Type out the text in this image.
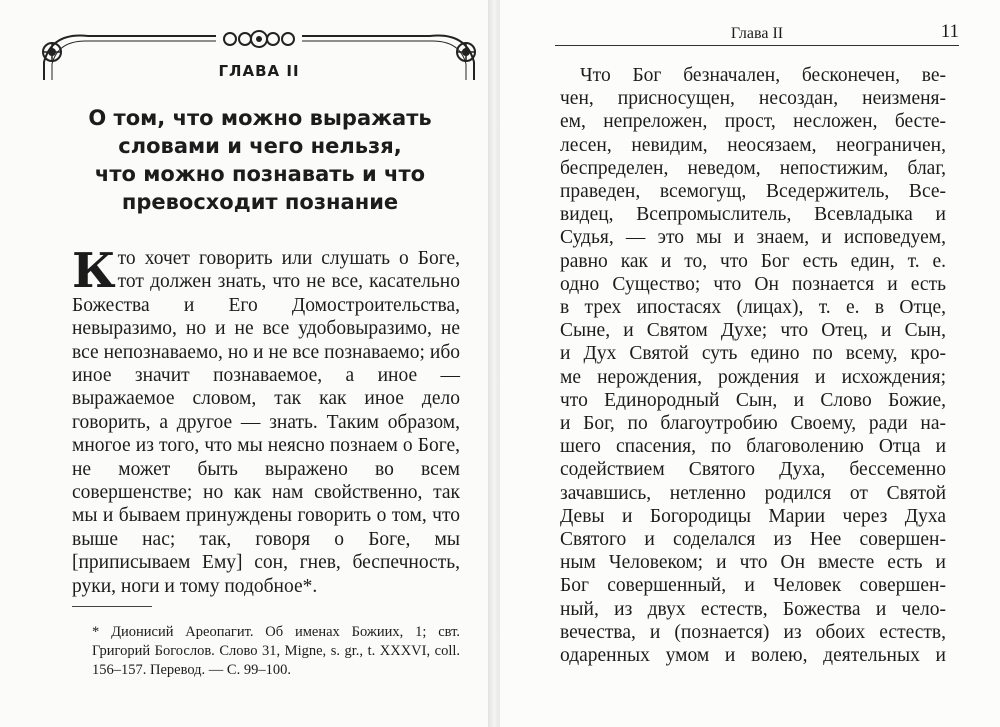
ГЛАВА II
О том, что можно выражать
словами и чего нельзя,
что можно познавать и что
превосходит познание
Кто хочет говорить или слушать о Боге, тот должен знать, что не все, касательно Божества и Его Домостроительства, невыразимо, но и не все удобовыразимо, не все непознаваемо, но и не все познаваемо; ибо иное значит познаваемое, а иное — выражаемое словом, так как иное дело говорить, а другое — знать. Таким образом, многое из того, что мы неясно познаем о Боге, не может быть выражено во всем совершенстве; но как нам свойственно, так мы и бываем принуждены говорить о том, что выше нас; так, говоря о Боге, мы [приписываем Ему] сон, гнев, беспечность, руки, ноги и тому подобное*.
* Дионисий Ареопагит. Об именах Божиих, 1; свт. Григорий Богослов. Слово 31, Migne, s. gr., t. XXXVI, coll. 156–157. Перевод. — С. 99–100.
Глава II	11
Что Бог безначален, бесконечен, ве-
чен, присносущен, несоздан, неизменя-
ем, непреложен, прост, несложен, бесте-
лесен, невидим, неосязаем, неограничен,
беспределен, неведом, непостижим, благ,
праведен, всемогущ, Вседержитель, Все-
видец, Всепромыслитель, Всевладыка и
Судья, — это мы и знаем, и исповедуем,
равно как и то, что Бог есть един, т. е.
одно Существо; что Он познается и есть
в трех ипостасях (лицах), т. е. в Отце,
Сыне, и Святом Духе; что Отец, и Сын,
и Дух Святой суть едино по всему, кро-
ме нерождения, рождения и исхождения;
что Единородный Сын, и Слово Божие,
и Бог, по благоутробию Своему, ради на-
шего спасения, по благоволению Отца и
содействием Святого Духа, бессеменно
зачавшись, нетленно родился от Святой
Девы и Богородицы Марии через Духа
Святого и соделался из Нее совершен-
ным Человеком; и что Он вместе есть и
Бог совершенный, и Человек совершен-
ный, из двух естеств, Божества и чело-
вечества, и (познается) из обоих естеств,
одаренных умом и волею, деятельных и
